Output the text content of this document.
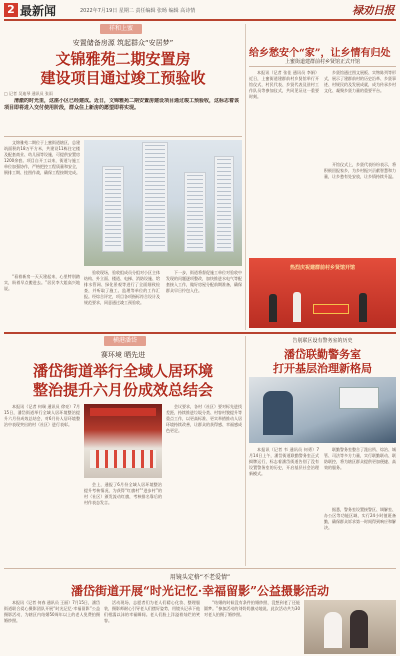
2 最新闻	2022年7月19日 星期二 责任编辑 张旸 编辑 高诗情	禄劝日报
祥和上蜜
安置储备房源 筑起群众“安居梦”
文锦雅苑二期安置房
建设项目通过竣工预验收
□ 记者 吴迪琴 通讯员 张雨
清澈的时光里，这座小区已经建成。近日，文锦雅苑二期安置房建设项目通过竣工预验收，这标志着该项目即将进入交付使用阶段，群众住上新房的愿望即将实现。
文锦雅苑二期位于上蜜街道辖区，总建筑面积约18万平方米，共建设11栋住宅楼及配套商业、幼儿园等设施，可提供安置房1200余套。项目自开工以来，街道与施工单位加强协作，严格把控工程质量和安全，倒排工期、挂图作战，确保工程按期完成。
“看着新房一天天建起来，心里特别踏实，盼着早点搬进去。”居民李大姐高兴地说。
验收现场，验收组成员分组对小区主体结构、外立面、楼道、电梯、消防设施、给排水管网、绿化景观等进行了全面细致检查，并听取了施工、监理等单位的工作汇报。经综合评定，项目各项指标符合设计及规范要求，同意通过竣工预验收。
下一步，街道将督促施工单位对验收中发现的问题逐项整改，加快推进水电气等配套接入工作，做好房屋分配前期准备，确保群众早日拎包入住。
给乡愁安个“家”，让乡情有归处
上蜜街道建群前村乡贤馆正式开馆
本报讯（记者 张佳 通讯员 李娟）近日，上蜜街道建群前村乡贤馆举行开馆仪式，村民代表、乡贤代表及驻村工作队员等参加仪式，共同见证这一重要时刻。
乡贤馆通过图文展板、实物陈列等形式，展示了建群前村的历史沿革、乡贤事迹、村规民约及发展成就，成为传承乡村文化、凝聚乡贤力量的重要平台。
开馆仪式上，乡贤代表纷纷表示，将积极回报家乡，为乡村振兴贡献智慧和力量，让乡愁有处安放，让乡情持续升温。
热烈庆祝建群前村乡贤馆开馆
横港潘岱
赛环境 晒先进
潘岱街道举行全域人居环境
整治提升六月份成效总结会
本报讯（记者 何瑞 通讯员 徐亮）7月15日，潘岱街道举行全域人居环境整治提升六月份成效总结会，对6月份人居环境整治中表现突出的村（社区）进行表彰。
会上，通报了6月份全域人居环境整治提升考核情况，为获得“红旗村”“进步村”的村（社区）颁发流动红旗，考核排名靠后的村作表态发言。
会议要求，各村（社区）要对标先进找差距，持续推进垃圾分类、村容村貌提升等重点工作，以更高标准、更实举措推动人居环境持续改善，让群众的获得感、幸福感成色更足。
告别联区设有警务室的历史
潘岱联勤警务室
打开基层治理新格局
本报讯（记者 韦 通讯员 何勇）7月14日上午，潘岱街道联勤警务室正式揭牌运行，标志着潘岱街道告别了没有设置警务室的历史，开启基层社会治理新模式。
联勤警务室整合了派出所、综治、城管、司法等多方力量，实行联勤联动、联防联控，将为辖区群众提供更加便捷、高效的服务。
据悉，警务室设置接警区、调解室、办公区等功能区域，实行24小时值班备勤，确保群众诉求第一时间得到响应和解决。
用镜头定格“不老爱情”
潘岱街道开展“时光记忆·幸福留影”公益摄影活动
本报讯（记者 何春 通讯员 王丽）7月15日，潘岱街道联合爱心摄影团队开展“时光记忆·幸福留影”公益摄影活动，为辖区内结婚50周年以上的老人免费拍摄婚纱照。
活动现场，志愿者们为老人们精心化妆、整理服装，摄影师耐心引导老人们摆好姿势，用镜头记录下他们相濡以沫的幸福瞬间。老人们脸上洋溢着灿烂的笑容。
“结婚的时候没有条件拍婚纱照，没想到老了还能圆梦。”参加活动的刘奶奶激动地说。此次活动共为30对老人拍摄了婚纱照。
